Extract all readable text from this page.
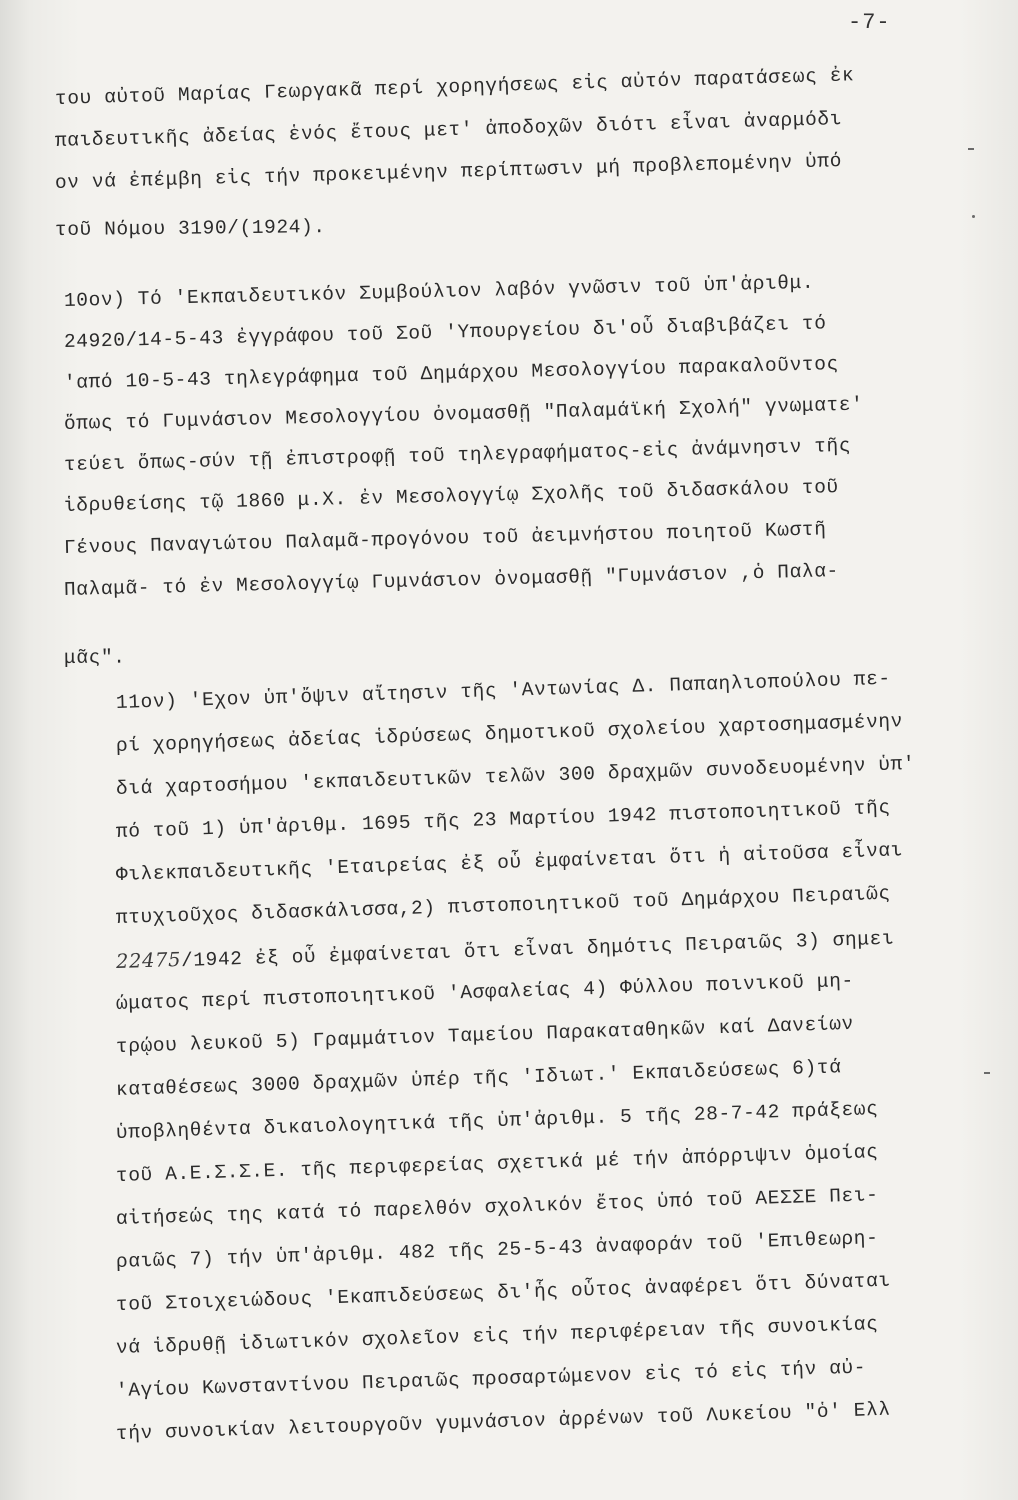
-7-
του αὐτοῦ Μαρίας Γεωργακᾶ περί χορηγήσεως εἰς αὐτόν παρατάσεως ἐκ
παιδευτικῆς ἀδείας ἑνός ἔτους μετ' ἀποδοχῶν διότι εἶναι ἀναρμόδι
ον νά ἐπέμβη εἰς τήν προκειμένην περίπτωσιν μή προβλεπομένην ὑπό
τοῦ Νόμου 3190/(1924).
10ον) Τό 'Εκπαιδευτικόν Συμβούλιον λαβόν γνῶσιν τοῦ ὑπ'ἀριθμ.
24920/14-5-43 ἐγγράφου τοῦ Σοῦ 'Υπουργείου δι'οὗ διαβιβάζει τό
'από 10-5-43 τηλεγράφημα τοῦ Δημάρχου Μεσολογγίου παρακαλοῦντος
ὅπως τό Γυμνάσιον Μεσολογγίου ὀνομασθῇ "Παλαμάϊκή Σχολή" γνωματε'
τεύει ὅπως-σύν τῇ ἐπιστροφῇ τοῦ τηλεγραφήματος-εἰς ἀνάμνησιν τῆς
ἱδρυθείσης τῷ 1860 μ.Χ. ἐν Μεσολογγίῳ Σχολῆς τοῦ διδασκάλου τοῦ
Γένους Παναγιώτου Παλαμᾶ-προγόνου τοῦ ἀειμνήστου ποιητοῦ Κωστῆ
Παλαμᾶ- τό ἐν Μεσολογγίῳ Γυμνάσιον ὀνομασθῇ "Γυμνάσιον ,ὁ Παλα-
μᾶς".
11ον) 'Εχον ὑπ'ὄψιν αἴτησιν τῆς 'Αντωνίας Δ. Παπαηλιοπούλου πε-
ρί χορηγήσεως ἀδείας ἱδρύσεως δημοτικοῦ σχολείου χαρτοσημασμένην
διά χαρτοσήμου 'εκπαιδευτικῶν τελῶν 300 δραχμῶν συνοδευομένην ὑπ'
πό τοῦ 1) ὑπ'ἀριθμ. 1695 τῆς 23 Μαρτίου 1942 πιστοποιητικοῦ τῆς
Φιλεκπαιδευτικῆς 'Εταιρείας ἐξ οὗ ἐμφαίνεται ὅτι ἡ αἰτοῦσα εἶναι
πτυχιοῦχος διδασκάλισσα,2) πιστοποιητικοῦ τοῦ Δημάρχου Πειραιῶς
22475/1942 ἐξ οὗ ἐμφαίνεται ὅτι εἶναι δημότις Πειραιῶς 3) σημει
ώματος περί πιστοποιητικοῦ 'Ασφαλείας 4) Φύλλου ποινικοῦ μη-
τρῴου λευκοῦ 5) Γραμμάτιον Ταμείου Παρακαταθηκῶν καί Δανείων
καταθέσεως 3000 δραχμῶν ὑπέρ τῆς 'Ιδιωτ.' Εκπαιδεύσεως 6)τά
ὑποβληθέντα δικαιολογητικά τῆς ὑπ'ἀριθμ. 5 τῆς 28-7-42 πράξεως
τοῦ Α.Ε.Σ.Σ.Ε. τῆς περιφερείας σχετικά μέ τήν ἀπόρριψιν ὁμοίας
αἰτήσεώς της κατά τό παρελθόν σχολικόν ἔτος ὑπό τοῦ ΑΕΣΣΕ Πει-
ραιῶς 7) τήν ὑπ'ἀριθμ. 482 τῆς 25-5-43 ἀναφοράν τοῦ 'Επιθεωρη-
τοῦ Στοιχειώδους 'Εκαπιδεύσεως δι'ἧς οὗτος ἀναφέρει ὅτι δύναται
νά ἱδρυθῇ ἰδιωτικόν σχολεῖον εἰς τήν περιφέρειαν τῆς συνοικίας
'Αγίου Κωνσταντίνου Πειραιῶς προσαρτώμενον εἰς τό εἰς τήν αὐ-
τήν συνοικίαν λειτουργοῦν γυμνάσιον ἀρρένων τοῦ Λυκείου "ὁ' Ελλ
